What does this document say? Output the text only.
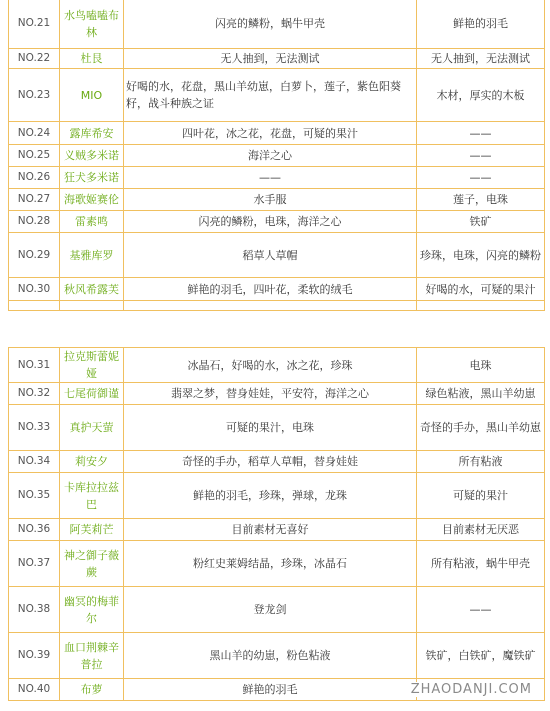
NO.21	水鸟嗑嗑布林	闪亮的鳞粉，蜗牛甲壳	鲜艳的羽毛
NO.22	杜艮	无人抽到，无法测试	无人抽到，无法测试
NO.23	MIO	好喝的水，花盘，黑山羊幼崽，白萝卜，莲子，紫色阳葵籽，战斗种族之证	木材，厚实的木板
NO.24	露库希安	四叶花，冰之花，花盘，可疑的果汁	——
NO.25	义贼多米诺	海洋之心	——
NO.26	狂犬多米诺	——	——
NO.27	海歌姬赛伦	水手服	莲子，电珠
NO.28	雷素鸣	闪亮的鳞粉，电珠，海洋之心	铁矿
NO.29	基雅库罗	稻草人草帽	珍珠，电珠，闪亮的鳞粉
NO.30	秋风希露芙	鲜艳的羽毛，四叶花，柔软的绒毛	好喝的水，可疑的果汁

NO.31	拉克斯蕾妮娅	冰晶石，好喝的水，冰之花，珍珠	电珠
NO.32	七尾荷御谨	翡翠之梦，替身娃娃，平安符，海洋之心	绿色粘液，黑山羊幼崽
NO.33	真护天萤	可疑的果汁，电珠	奇怪的手办，黑山羊幼崽
NO.34	莉安夕	奇怪的手办，稻草人草帽，替身娃娃	所有粘液
NO.35	卡库拉拉兹巴	鲜艳的羽毛，珍珠，弹球，龙珠	可疑的果汁
NO.36	阿芙莉芒	目前素材无喜好	目前素材无厌恶
NO.37	神之御子薇蕨	粉红史莱姆结晶，珍珠，冰晶石	所有粘液，蜗牛甲壳
NO.38	幽冥的梅菲尔	登龙剑	——
NO.39	血口荆棘辛普拉	黑山羊的幼崽，粉色粘液	铁矿，白铁矿，魔铁矿
NO.40	布萝	鲜艳的羽毛		ZHAODANJI.COM
